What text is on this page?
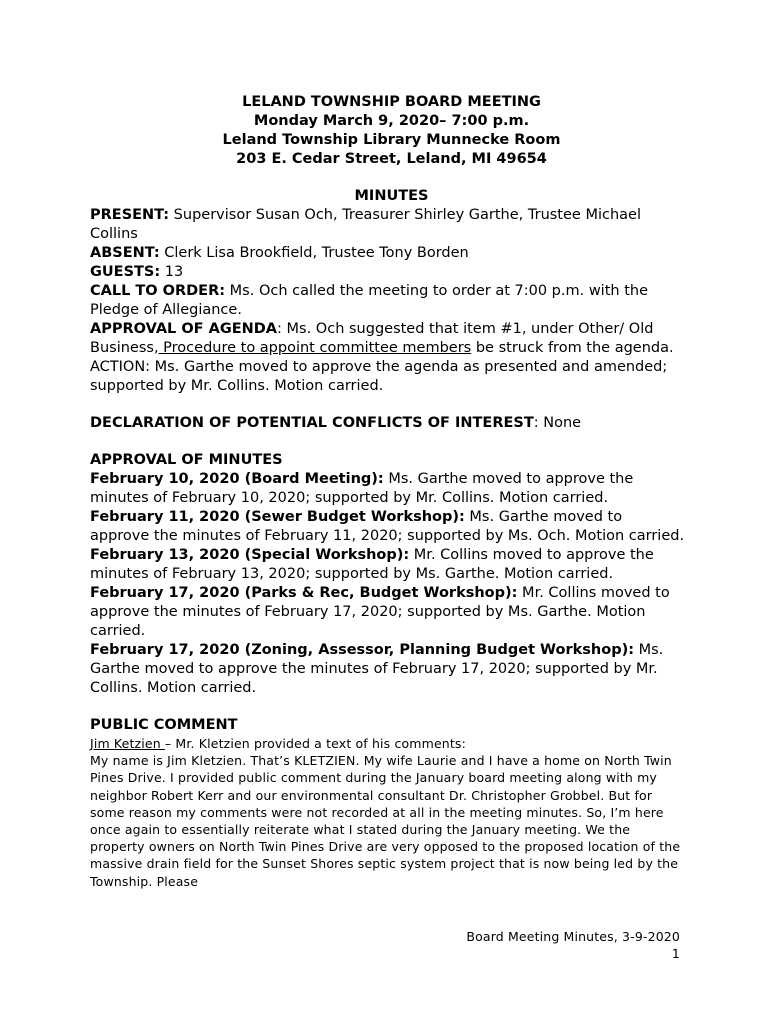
LELAND TOWNSHIP BOARD MEETING
Monday March 9, 2020– 7:00 p.m.
Leland Township Library Munnecke Room
203 E. Cedar Street, Leland, MI 49654
MINUTES

PRESENT: Supervisor Susan Och, Treasurer Shirley Garthe, Trustee Michael Collins

ABSENT: Clerk Lisa Brookfield, Trustee Tony Borden

GUESTS: 13

CALL TO ORDER: Ms. Och called the meeting to order at 7:00 p.m. with the Pledge of Allegiance.

APPROVAL OF AGENDA: Ms. Och suggested that item #1, under Other/ Old Business, Procedure to appoint committee members be struck from the agenda.

ACTION: Ms. Garthe moved to approve the agenda as presented and amended; supported by Mr. Collins. Motion carried.

DECLARATION OF POTENTIAL CONFLICTS OF INTEREST: None

APPROVAL OF MINUTES

February 10, 2020 (Board Meeting): Ms. Garthe moved to approve the minutes of February 10, 2020; supported by Mr. Collins. Motion carried.

February 11, 2020 (Sewer Budget Workshop): Ms. Garthe moved to approve the minutes of February 11, 2020; supported by Ms. Och. Motion carried.

February 13, 2020 (Special Workshop): Mr. Collins moved to approve the minutes of February 13, 2020; supported by Ms. Garthe. Motion carried.

February 17, 2020 (Parks & Rec, Budget Workshop): Mr. Collins moved to approve the minutes of February 17, 2020; supported by Ms. Garthe. Motion carried.

February 17, 2020 (Zoning, Assessor, Planning Budget Workshop): Ms. Garthe moved to approve the minutes of February 17, 2020; supported by Mr. Collins. Motion carried.

PUBLIC COMMENT
Jim Ketzien – Mr. Kletzien provided a text of his comments:
My name is Jim Kletzien. That’s KLETZIEN. My wife Laurie and I have a home on North Twin Pines Drive. I provided public comment during the January board meeting along with my neighbor Robert Kerr and our environmental consultant Dr. Christopher Grobbel. But for some reason my comments were not recorded at all in the meeting minutes. So, I’m here once again to essentially reiterate what I stated during the January meeting. We the property owners on North Twin Pines Drive are very opposed to the proposed location of the massive drain field for the Sunset Shores septic system project that is now being led by the Township. Please
Board Meeting Minutes, 3-9-2020
1
